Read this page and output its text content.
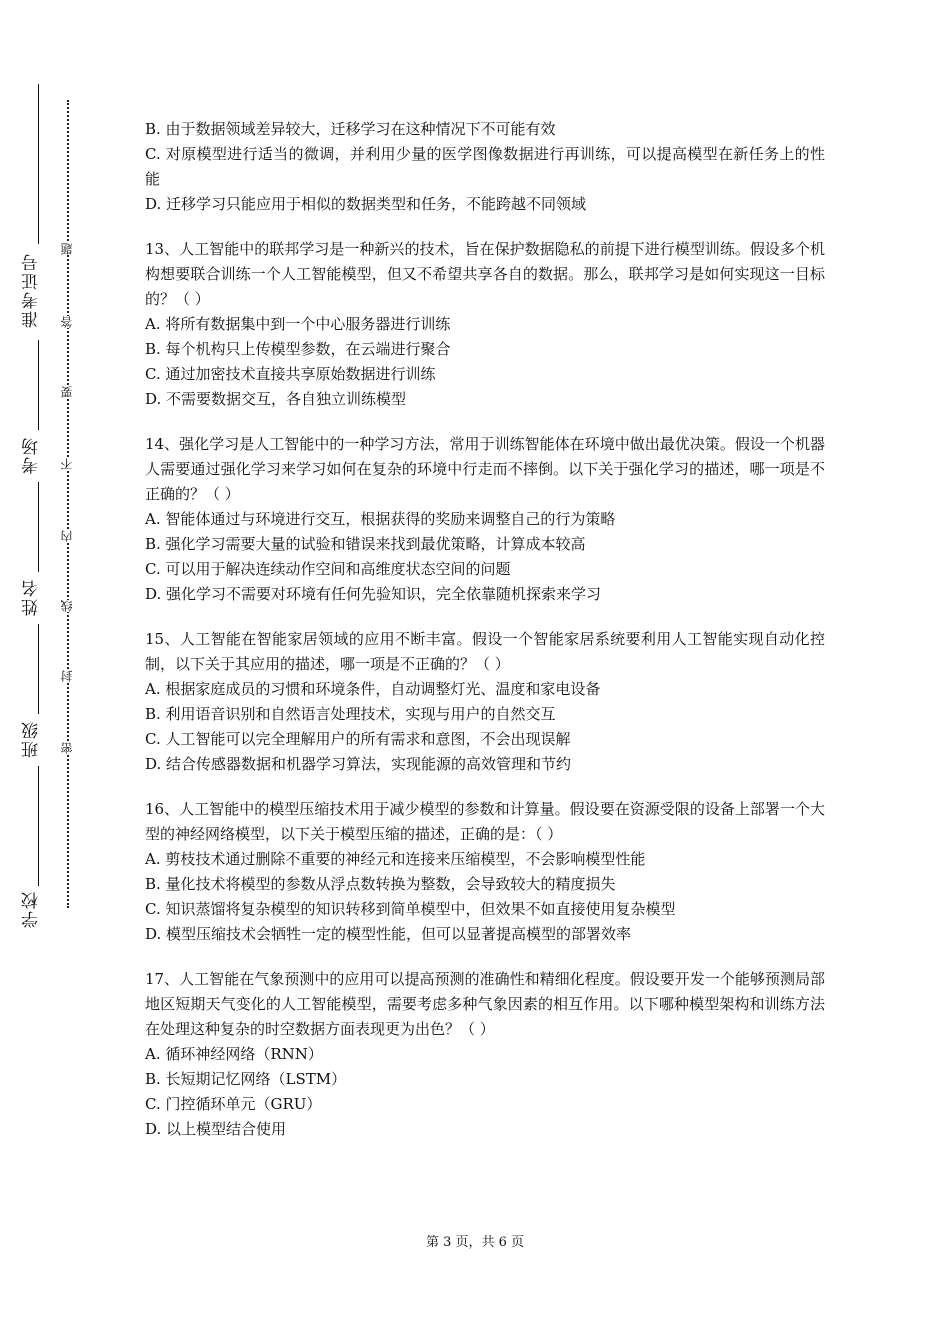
准考证号
考场
姓名
班级
学校
题
答
要
不
内
线
封
密
B. 由于数据领域差异较大，迁移学习在这种情况下不可能有效
C. 对原模型进行适当的微调，并利用少量的医学图像数据进行再训练，可以提高模型在新任务上的性能
D. 迁移学习只能应用于相似的数据类型和任务，不能跨越不同领域
13、人工智能中的联邦学习是一种新兴的技术，旨在保护数据隐私的前提下进行模型训练。假设多个机构想要联合训练一个人工智能模型，但又不希望共享各自的数据。那么，联邦学习是如何实现这一目标的？（ ）
A. 将所有数据集中到一个中心服务器进行训练
B. 每个机构只上传模型参数，在云端进行聚合
C. 通过加密技术直接共享原始数据进行训练
D. 不需要数据交互，各自独立训练模型
14、强化学习是人工智能中的一种学习方法，常用于训练智能体在环境中做出最优决策。假设一个机器人需要通过强化学习来学习如何在复杂的环境中行走而不摔倒。以下关于强化学习的描述，哪一项是不正确的？（ ）
A. 智能体通过与环境进行交互，根据获得的奖励来调整自己的行为策略
B. 强化学习需要大量的试验和错误来找到最优策略，计算成本较高
C. 可以用于解决连续动作空间和高维度状态空间的问题
D. 强化学习不需要对环境有任何先验知识，完全依靠随机探索来学习
15、人工智能在智能家居领域的应用不断丰富。假设一个智能家居系统要利用人工智能实现自动化控制，以下关于其应用的描述，哪一项是不正确的？（ ）
A. 根据家庭成员的习惯和环境条件，自动调整灯光、温度和家电设备
B. 利用语音识别和自然语言处理技术，实现与用户的自然交互
C. 人工智能可以完全理解用户的所有需求和意图，不会出现误解
D. 结合传感器数据和机器学习算法，实现能源的高效管理和节约
16、人工智能中的模型压缩技术用于减少模型的参数和计算量。假设要在资源受限的设备上部署一个大型的神经网络模型，以下关于模型压缩的描述，正确的是：（ ）
A. 剪枝技术通过删除不重要的神经元和连接来压缩模型，不会影响模型性能
B. 量化技术将模型的参数从浮点数转换为整数，会导致较大的精度损失
C. 知识蒸馏将复杂模型的知识转移到简单模型中，但效果不如直接使用复杂模型
D. 模型压缩技术会牺牲一定的模型性能，但可以显著提高模型的部署效率
17、人工智能在气象预测中的应用可以提高预测的准确性和精细化程度。假设要开发一个能够预测局部地区短期天气变化的人工智能模型，需要考虑多种气象因素的相互作用。以下哪种模型架构和训练方法在处理这种复杂的时空数据方面表现更为出色？（ ）
A. 循环神经网络（RNN）
B. 长短期记忆网络（LSTM）
C. 门控循环单元（GRU）
D. 以上模型结合使用
第 3 页，共 6 页
